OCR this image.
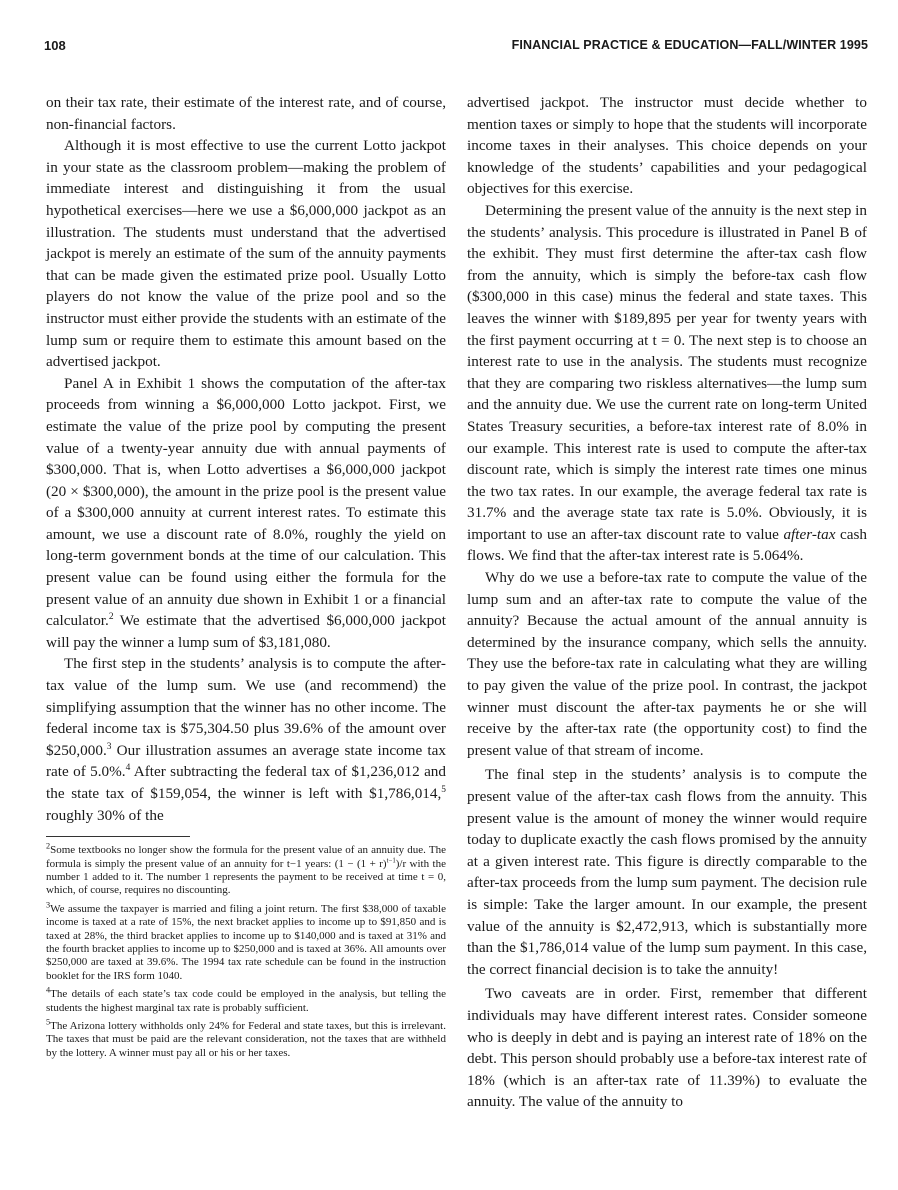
108	FINANCIAL PRACTICE & EDUCATION—FALL/WINTER 1995

on their tax rate, their estimate of the interest rate, and of course, non-financial factors.

Although it is most effective to use the current Lotto jackpot in your state as the classroom problem—making the problem of immediate interest and distinguishing it from the usual hypothetical exercises—here we use a $6,000,000 jackpot as an illustration. The students must understand that the advertised jackpot is merely an estimate of the sum of the annuity payments that can be made given the estimated prize pool. Usually Lotto players do not know the value of the prize pool and so the instructor must either provide the students with an estimate of the lump sum or require them to estimate this amount based on the advertised jackpot.

Panel A in Exhibit 1 shows the computation of the after-tax proceeds from winning a $6,000,000 Lotto jackpot. First, we estimate the value of the prize pool by computing the present value of a twenty-year annuity due with annual payments of $300,000. That is, when Lotto advertises a $6,000,000 jackpot (20 × $300,000), the amount in the prize pool is the present value of a $300,000 annuity at current interest rates. To estimate this amount, we use a discount rate of 8.0%, roughly the yield on long-term government bonds at the time of our calculation. This present value can be found using either the formula for the present value of an annuity due shown in Exhibit 1 or a financial calculator.$^2$ We estimate that the advertised $6,000,000 jackpot will pay the winner a lump sum of $3,181,080.

The first step in the students’ analysis is to compute the after-tax value of the lump sum. We use (and recommend) the simplifying assumption that the winner has no other income. The federal income tax is $75,304.50 plus 39.6% of the amount over $250,000.$^3$ Our illustration assumes an average state income tax rate of 5.0%.$^4$ After subtracting the federal tax of $1,236,012 and the state tax of $159,054, the winner is left with $1,786,014,$^5$ roughly 30% of the

$^2$Some textbooks no longer show the formula for the present value of an annuity due. The formula is simply the present value of an annuity for t−1 years: $(1 - (1 + r)^{t-1})/r$ with the number 1 added to it. The number 1 represents the payment to be received at time t = 0, which, of course, requires no discounting.

$^3$We assume the taxpayer is married and filing a joint return. The first $38,000 of taxable income is taxed at a rate of 15%, the next bracket applies to income up to $91,850 and is taxed at 28%, the third bracket applies to income up to $140,000 and is taxed at 31% and the fourth bracket applies to income up to $250,000 and is taxed at 36%. All amounts over $250,000 are taxed at 39.6%. The 1994 tax rate schedule can be found in the instruction booklet for the IRS form 1040.

$^4$The details of each state’s tax code could be employed in the analysis, but telling the students the highest marginal tax rate is probably sufficient.

$^5$The Arizona lottery withholds only 24% for Federal and state taxes, but this is irrelevant. The taxes that must be paid are the relevant consideration, not the taxes that are withheld by the lottery. A winner must pay all or his or her taxes.

advertised jackpot. The instructor must decide whether to mention taxes or simply to hope that the students will incorporate income taxes in their analyses. This choice depends on your knowledge of the students’ capabilities and your pedagogical objectives for this exercise.

Determining the present value of the annuity is the next step in the students’ analysis. This procedure is illustrated in Panel B of the exhibit. They must first determine the after-tax cash flow from the annuity, which is simply the before-tax cash flow ($300,000 in this case) minus the federal and state taxes. This leaves the winner with $189,895 per year for twenty years with the first payment occurring at t = 0. The next step is to choose an interest rate to use in the analysis. The students must recognize that they are comparing two riskless alternatives—the lump sum and the annuity due. We use the current rate on long-term United States Treasury securities, a before-tax interest rate of 8.0% in our example. This interest rate is used to compute the after-tax discount rate, which is simply the interest rate times one minus the two tax rates. In our example, the average federal tax rate is 31.7% and the average state tax rate is 5.0%. Obviously, it is important to use an after-tax discount rate to value after-tax cash flows. We find that the after-tax interest rate is 5.064%.

Why do we use a before-tax rate to compute the value of the lump sum and an after-tax rate to compute the value of the annuity? Because the actual amount of the annual annuity is determined by the insurance company, which sells the annuity. They use the before-tax rate in calculating what they are willing to pay given the value of the prize pool. In contrast, the jackpot winner must discount the after-tax payments he or she will receive by the after-tax rate (the opportunity cost) to find the present value of that stream of income.

The final step in the students’ analysis is to compute the present value of the after-tax cash flows from the annuity. This present value is the amount of money the winner would require today to duplicate exactly the cash flows promised by the annuity at a given interest rate. This figure is directly comparable to the after-tax proceeds from the lump sum payment. The decision rule is simple: Take the larger amount. In our example, the present value of the annuity is $2,472,913, which is substantially more than the $1,786,014 value of the lump sum payment. In this case, the correct financial decision is to take the annuity!

Two caveats are in order. First, remember that different individuals may have different interest rates. Consider someone who is deeply in debt and is paying an interest rate of 18% on the debt. This person should probably use a before-tax interest rate of 18% (which is an after-tax rate of 11.39%) to evaluate the annuity. The value of the annuity to
